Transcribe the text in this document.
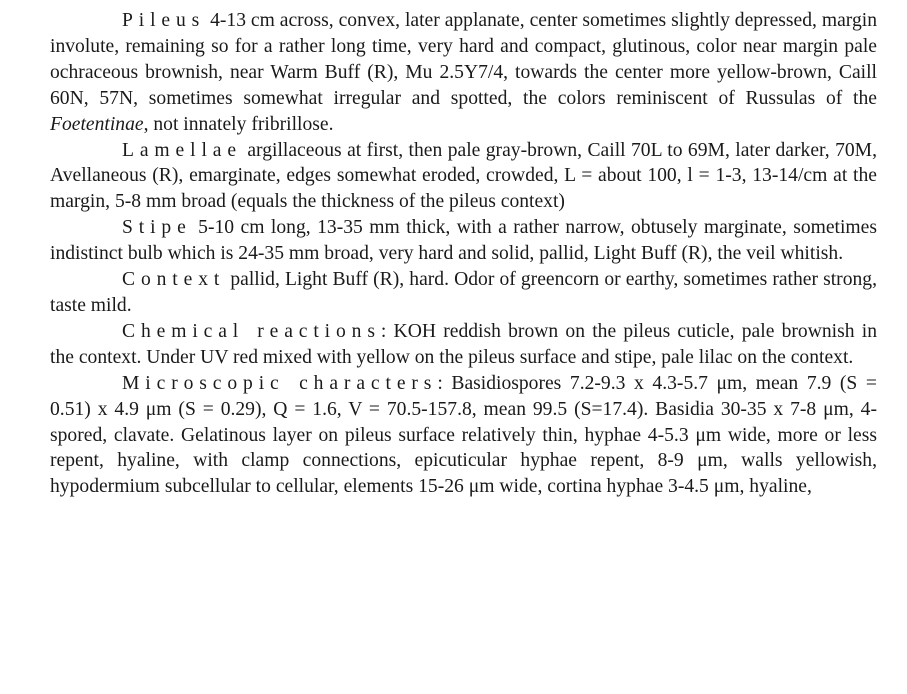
Pileus 4-13 cm across, convex, later applanate, center sometimes slightly depressed, margin involute, remaining so for a rather long time, very hard and compact, glutinous, color near margin pale ochraceous brownish, near Warm Buff (R), Mu 2.5Y7/4, towards the center more yellow-brown, Caill 60N, 57N, sometimes somewhat irregular and spotted, the colors reminiscent of Russulas of the Foetentinae, not innately fribrillose.

Lamellae argillaceous at first, then pale gray-brown, Caill 70L to 69M, later darker, 70M, Avellaneous (R), emarginate, edges somewhat eroded, crowded, L = about 100, l = 1-3, 13-14/cm at the margin, 5-8 mm broad (equals the thickness of the pileus context)

Stipe 5-10 cm long, 13-35 mm thick, with a rather narrow, obtusely marginate, sometimes indistinct bulb which is 24-35 mm broad, very hard and solid, pallid, Light Buff (R), the veil whitish.

Context pallid, Light Buff (R), hard. Odor of greencorn or earthy, sometimes rather strong, taste mild.

Chemical reactions: KOH reddish brown on the pileus cuticle, pale brownish in the context. Under UV red mixed with yellow on the pileus surface and stipe, pale lilac on the context.

Microscopic characters: Basidiospores 7.2-9.3 x 4.3-5.7 μm, mean 7.9 (S = 0.51) x 4.9 μm (S = 0.29), Q = 1.6, V = 70.5-157.8, mean 99.5 (S=17.4). Basidia 30-35 x 7-8 μm, 4-spored, clavate. Gelatinous layer on pileus surface relatively thin, hyphae 4-5.3 μm wide, more or less repent, hyaline, with clamp connections, epicuticular hyphae repent, 8-9 μm, walls yellowish, hypodermium subcellular to cellular, elements 15-26 μm wide, cortina hyphae 3-4.5 μm, hyaline,
